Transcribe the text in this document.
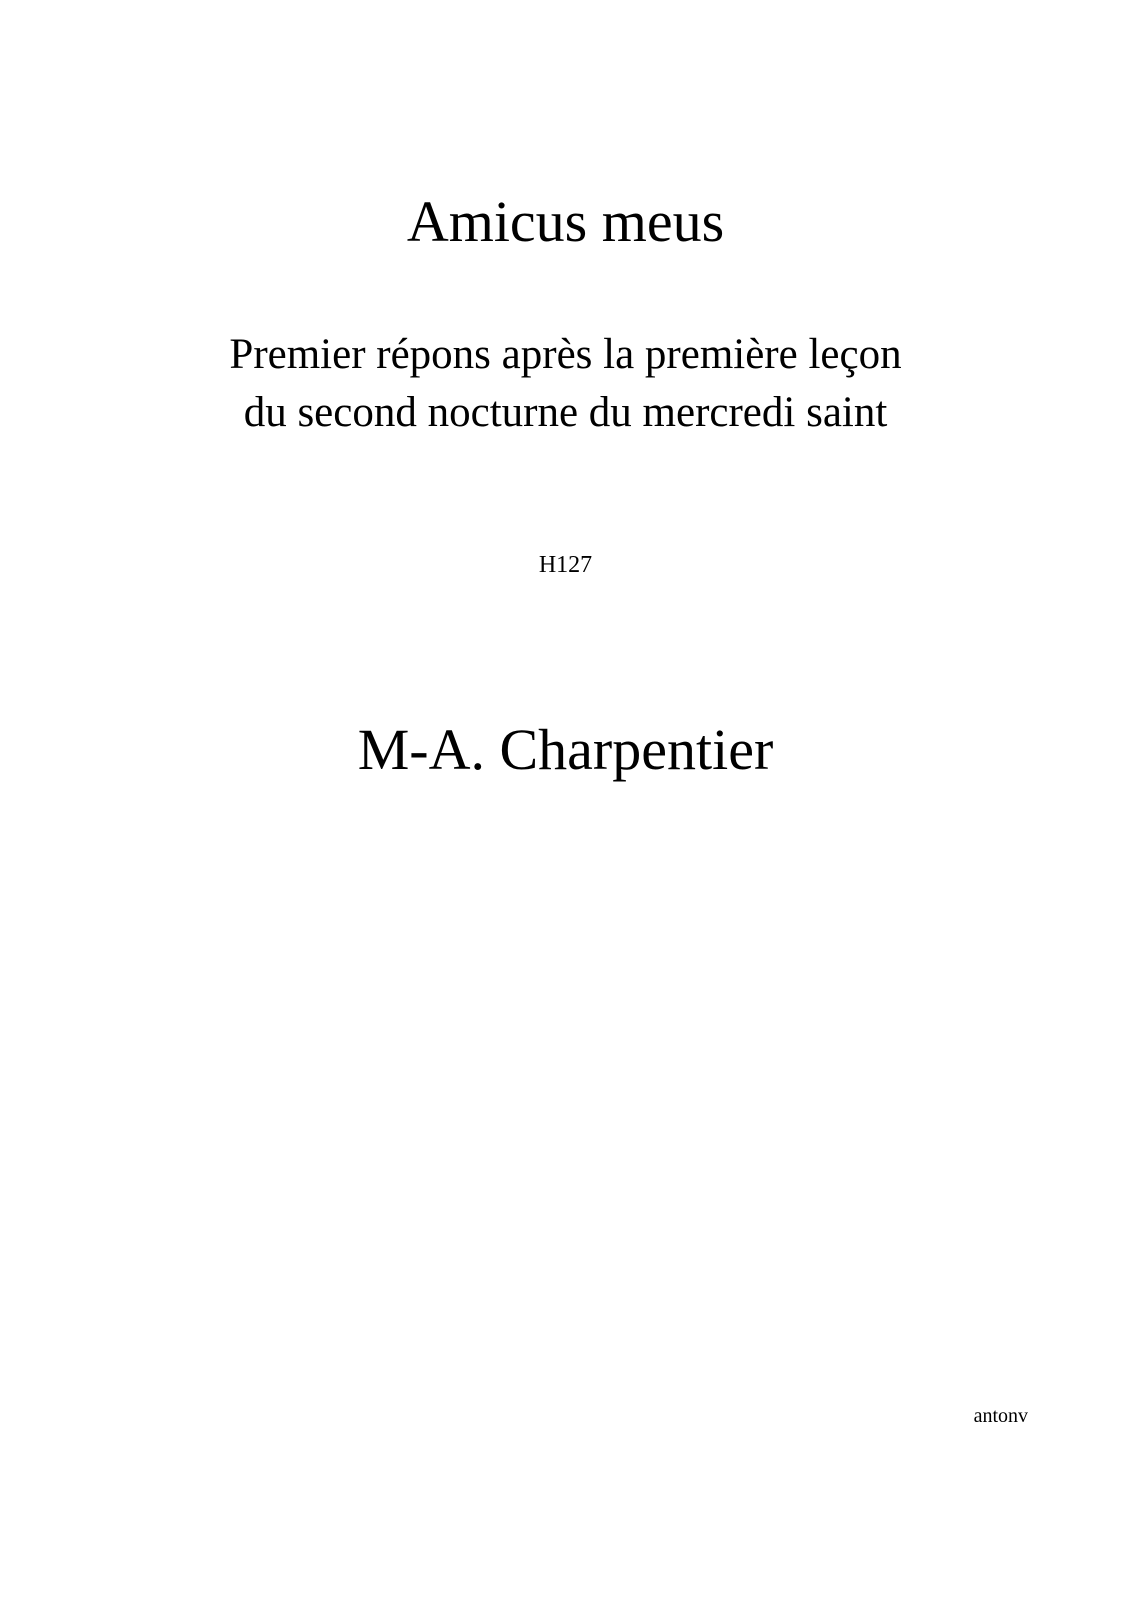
Amicus meus
Premier répons après la première leçon
du second nocturne du mercredi saint
H127
M-A. Charpentier
antonv
